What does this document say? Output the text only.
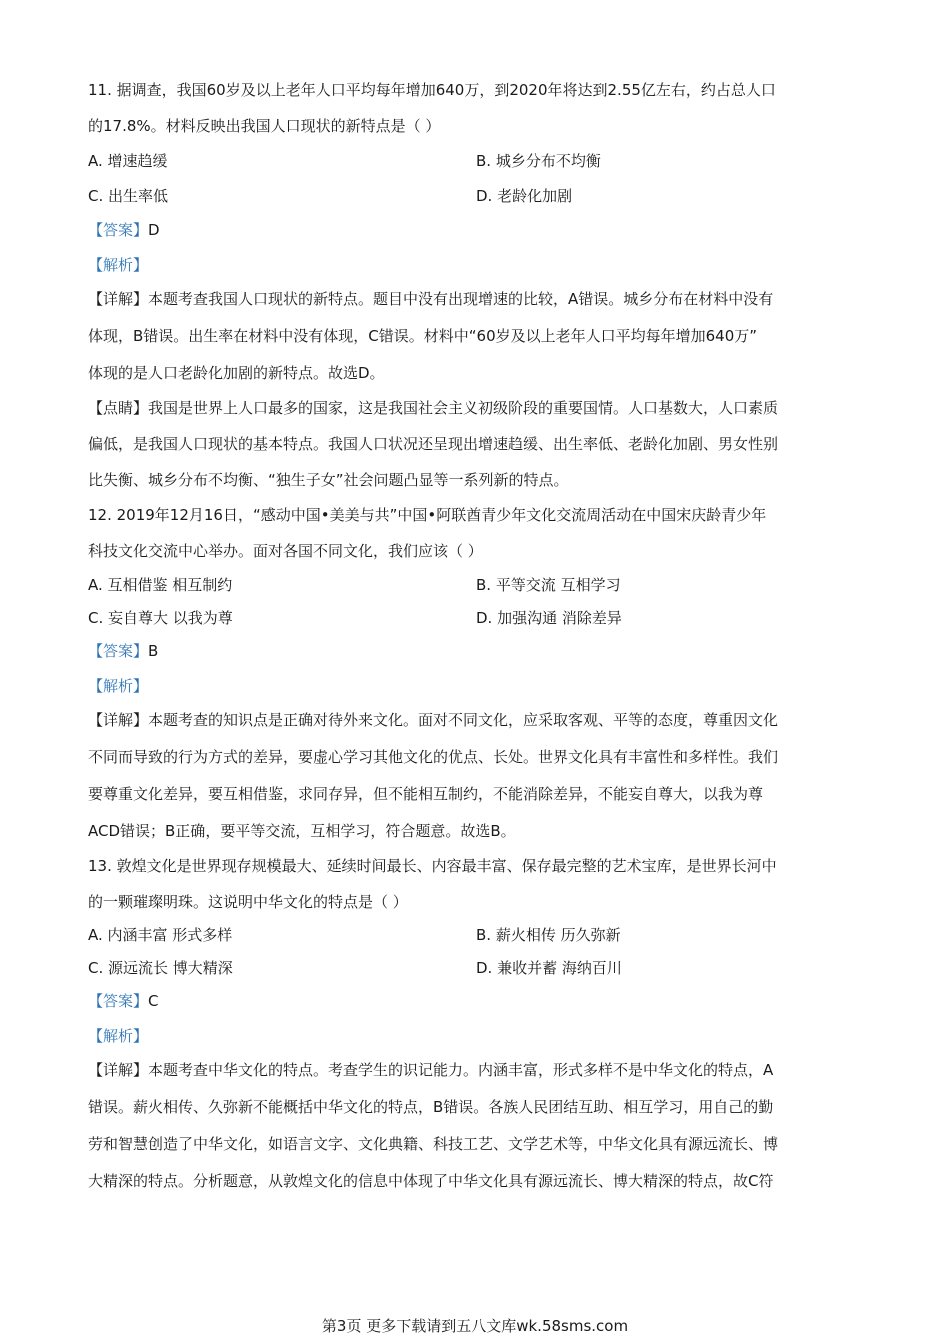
11. 据调查，我国60岁及以上老年人口平均每年增加640万，到2020年将达到2.55亿左右，约占总人口
的17.8%。材料反映出我国人口现状的新特点是（ ）
A. 增速趋缓	B. 城乡分布不均衡
C. 出生率低	D. 老龄化加剧
【答案】D
【解析】
【详解】本题考查我国人口现状的新特点。题目中没有出现增速的比较，A错误。城乡分布在材料中没有
体现，B错误。出生率在材料中没有体现，C错误。材料中“60岁及以上老年人口平均每年增加640万”
体现的是人口老龄化加剧的新特点。故选D。
【点睛】我国是世界上人口最多的国家，这是我国社会主义初级阶段的重要国情。人口基数大，人口素质
偏低，是我国人口现状的基本特点。我国人口状况还呈现出增速趋缓、出生率低、老龄化加剧、男女性别
比失衡、城乡分布不均衡、“独生子女”社会问题凸显等一系列新的特点。
12. 2019年12月16日，“感动中国•美美与共”中国•阿联酋青少年文化交流周活动在中国宋庆龄青少年
科技文化交流中心举办。面对各国不同文化，我们应该（ ）
A. 互相借鉴 相互制约	B. 平等交流 互相学习
C. 妄自尊大 以我为尊	D. 加强沟通 消除差异
【答案】B
【解析】
【详解】本题考查的知识点是正确对待外来文化。面对不同文化，应采取客观、平等的态度，尊重因文化
不同而导致的行为方式的差异，要虚心学习其他文化的优点、长处。世界文化具有丰富性和多样性。我们
要尊重文化差异，要互相借鉴，求同存异，但不能相互制约，不能消除差异，不能妄自尊大，以我为尊
ACD错误；B正确，要平等交流，互相学习，符合题意。故选B。
13. 敦煌文化是世界现存规模最大、延续时间最长、内容最丰富、保存最完整的艺术宝库，是世界长河中
的一颗璀璨明珠。这说明中华文化的特点是（ ）
A. 内涵丰富 形式多样	B. 薪火相传 历久弥新
C. 源远流长 博大精深	D. 兼收并蓄 海纳百川
【答案】C
【解析】
【详解】本题考查中华文化的特点。考查学生的识记能力。内涵丰富，形式多样不是中华文化的特点，A
错误。薪火相传、久弥新不能概括中华文化的特点，B错误。各族人民团结互助、相互学习，用自己的勤
劳和智慧创造了中华文化，如语言文字、文化典籍、科技工艺、文学艺术等，中华文化具有源远流长、博
大精深的特点。分析题意，从敦煌文化的信息中体现了中华文化具有源远流长、博大精深的特点，故C符
第3页 更多下载请到五八文库wk.58sms.com
